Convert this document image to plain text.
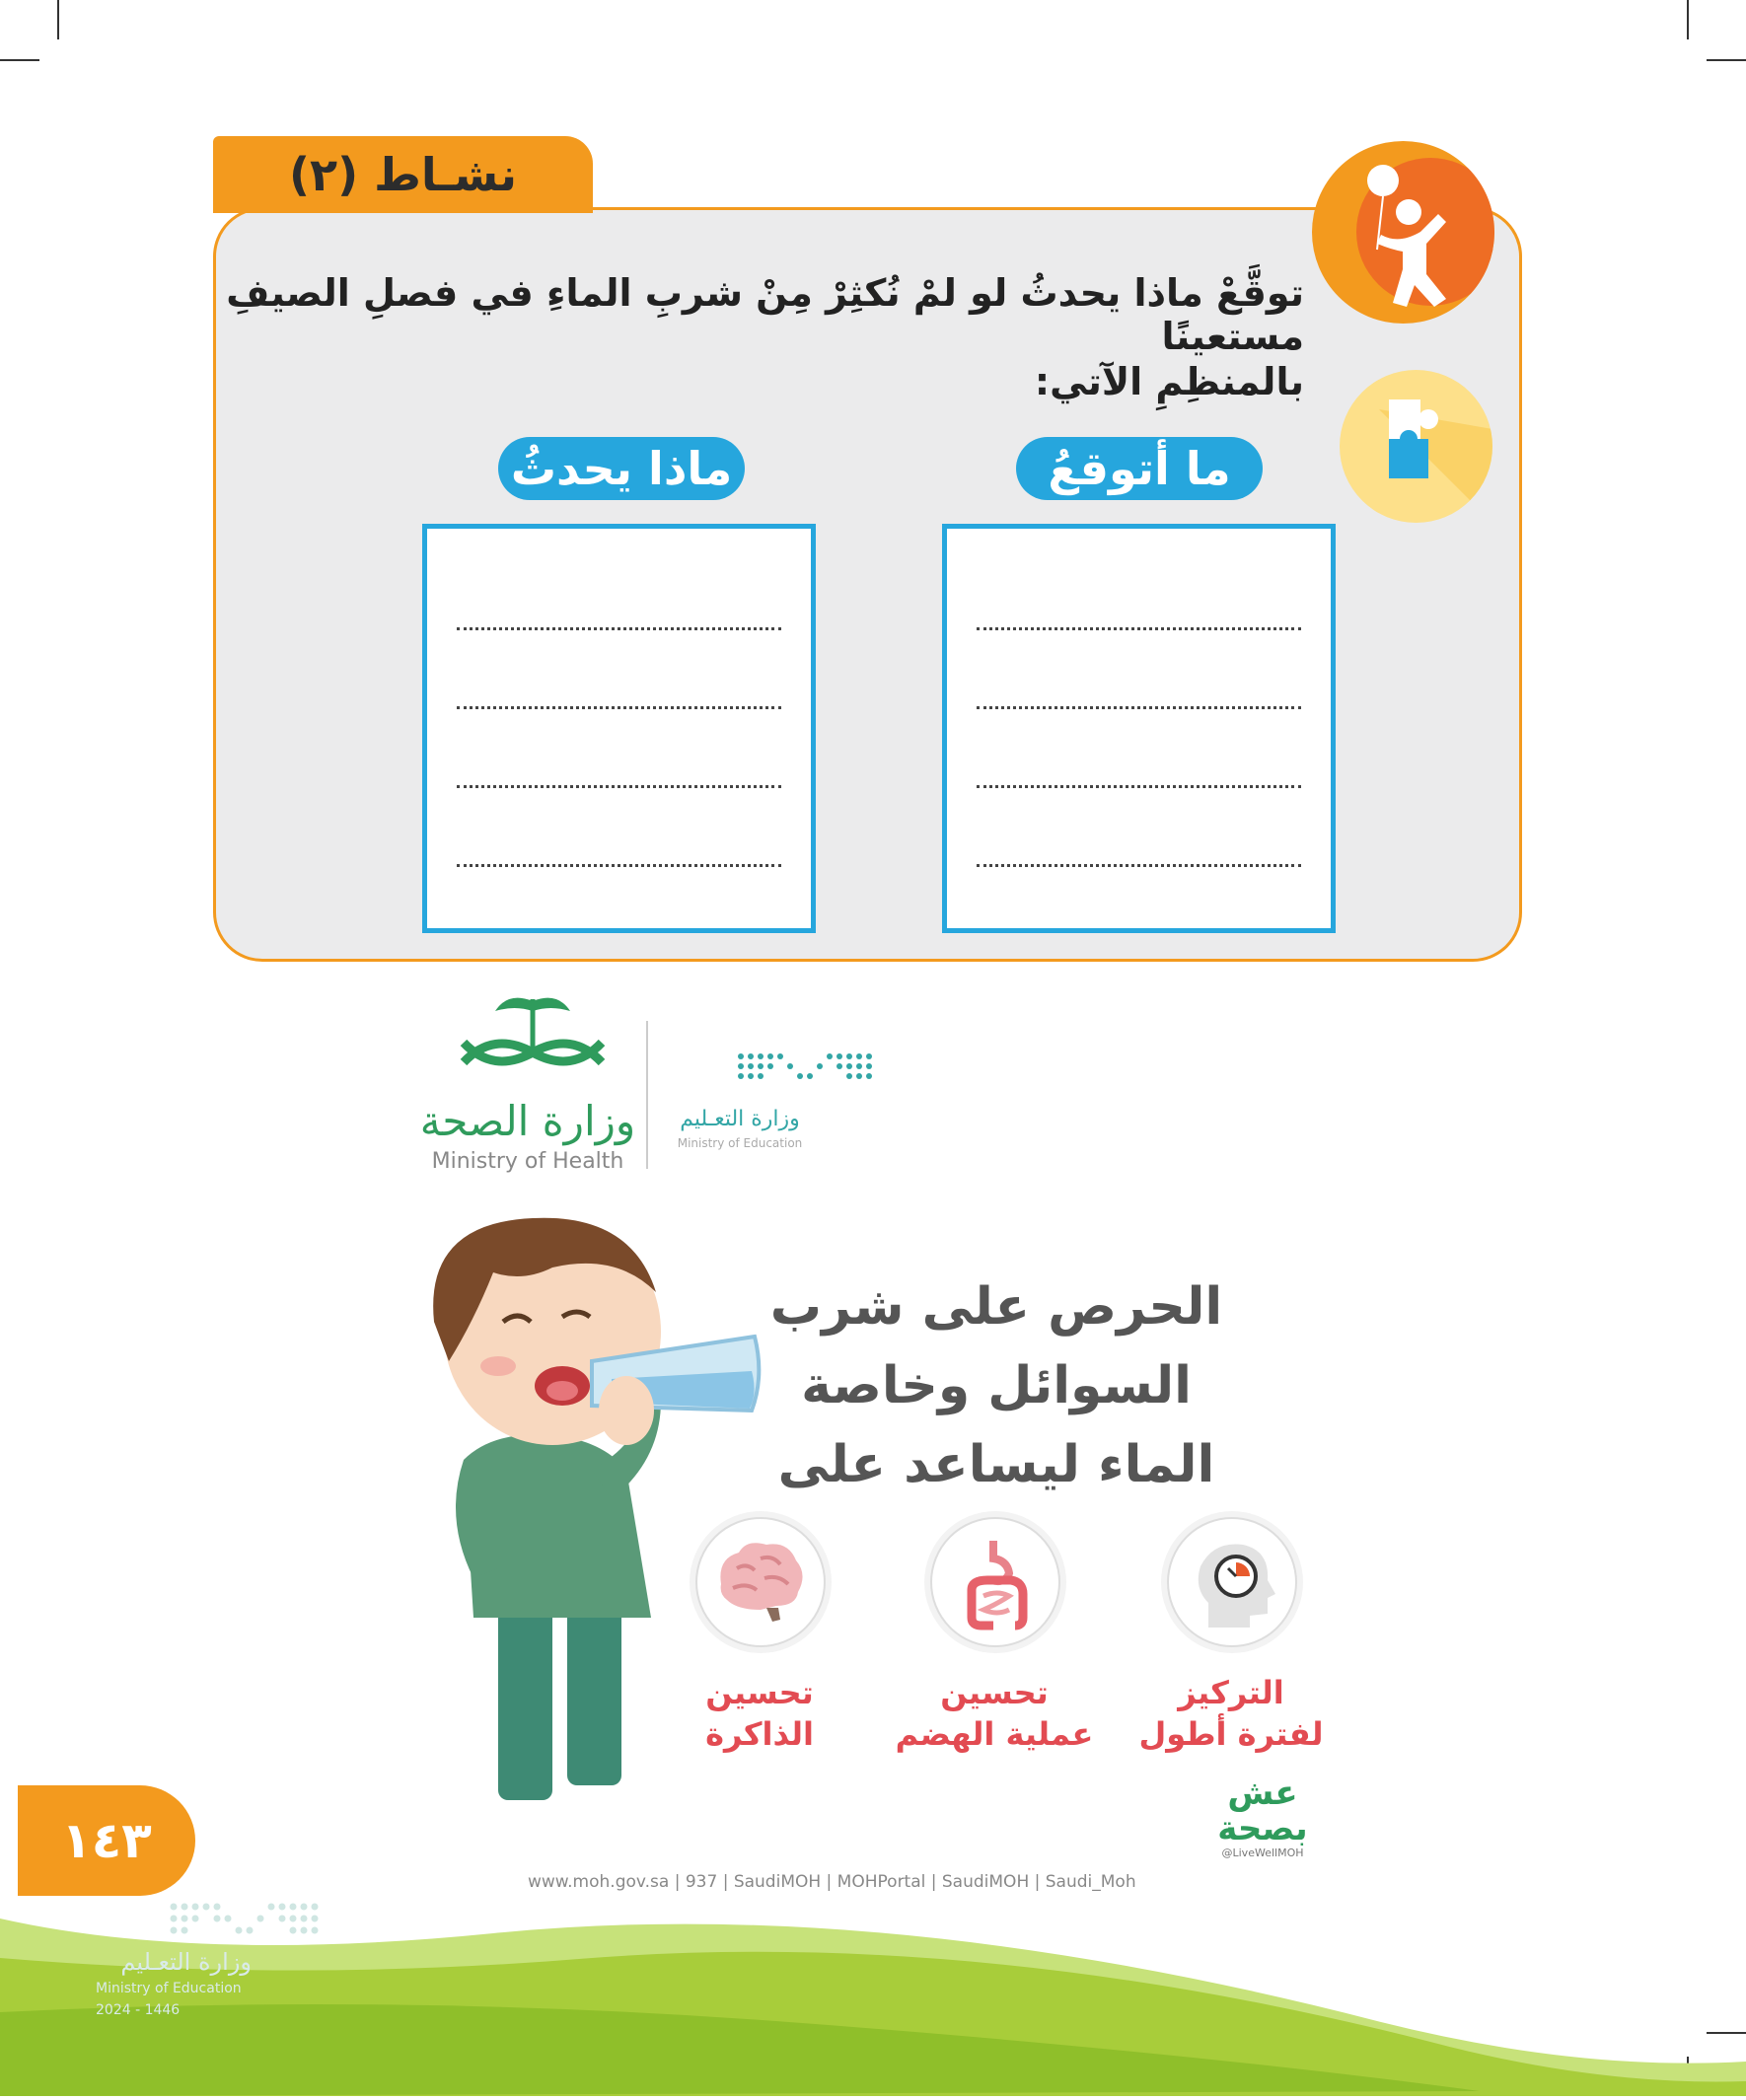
نشـاط (٢)
توقَّعْ ماذا يحدثُ لو لمْ نُكثِرْ مِنْ شربِ الماءِ في فصلِ الصيفِ مستعينًا
بالمنظِمِ الآتي:
ما أتوقعُ
ماذا يحدثُ
وزارة الصحة
Ministry of Health
وزارة التعـليم
Ministry of Education
الحرص على شرب
السوائل وخاصة
الماء ليساعد على
التركيز
لفترة أطول
تحسين
عملية الهضم
تحسين
الذاكرة
عش
بصحة
@LiveWellMOH
www.moh.gov.sa | 937 | SaudiMOH | MOHPortal | SaudiMOH | Saudi_Moh
١٤٣
وزارة التعـليم
Ministry of Education
2024 - 1446
